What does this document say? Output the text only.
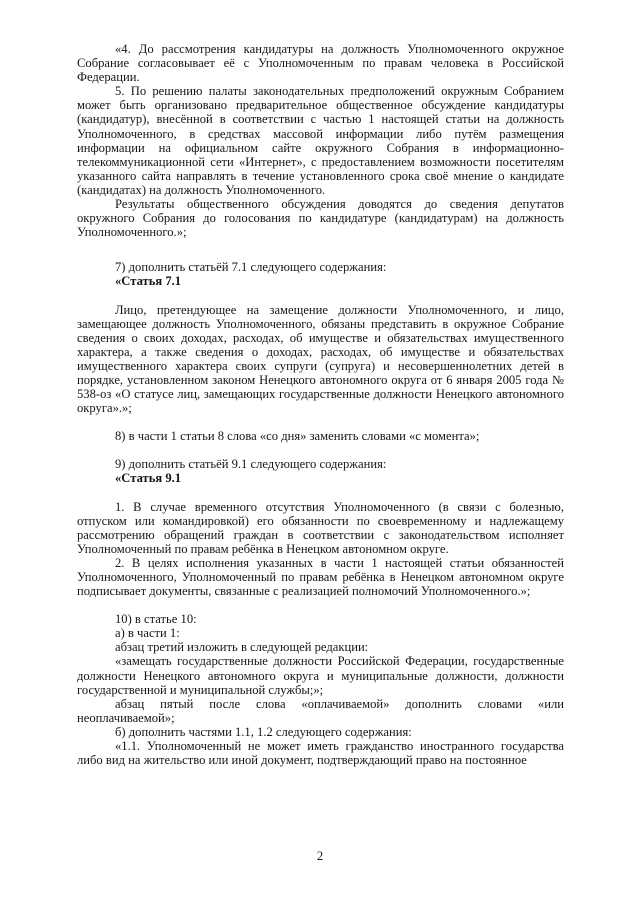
«4. До рассмотрения кандидатуры на должность Уполномоченного окружное Собрание согласовывает её с Уполномоченным по правам человека в Российской Федерации.

5. По решению палаты законодательных предположений окружным Собранием может быть организовано предварительное общественное обсуждение кандидатуры (кандидатур), внесённой в соответствии с частью 1 настоящей статьи на должность Уполномоченного, в средствах массовой информации либо путём размещения информации на официальном сайте окружного Собрания в информационно-телекоммуникационной сети «Интернет», с предоставлением возможности посетителям указанного сайта направлять в течение установленного срока своё мнение о кандидате (кандидатах) на должность Уполномоченного.

Результаты общественного обсуждения доводятся до сведения депутатов окружного Собрания до голосования по кандидатуре (кандидатурам) на должность Уполномоченного.»;

7) дополнить статьёй 7.1 следующего содержания:

«Статья 7.1

Лицо, претендующее на замещение должности Уполномоченного, и лицо, замещающее должность Уполномоченного, обязаны представить в окружное Собрание сведения о своих доходах, расходах, об имуществе и обязательствах имущественного характера, а также сведения о доходах, расходах, об имуществе и обязательствах имущественного характера своих супруги (супруга) и несовершеннолетних детей в порядке, установленном законом Ненецкого автономного округа от 6 января 2005 года № 538-оз «О статусе лиц, замещающих государственные должности Ненецкого автономного округа».»;

8) в части 1 статьи 8 слова «со дня» заменить словами «с момента»;

9) дополнить статьёй 9.1 следующего содержания:

«Статья 9.1

1. В случае временного отсутствия Уполномоченного (в связи с болезнью, отпуском или командировкой) его обязанности по своевременному и надлежащему рассмотрению обращений граждан в соответствии с законодательством исполняет Уполномоченный по правам ребёнка в Ненецком автономном округе.

2. В целях исполнения указанных в части 1 настоящей статьи обязанностей Уполномоченного, Уполномоченный по правам ребёнка в Ненецком автономном округе подписывает документы, связанные с реализацией полномочий Уполномоченного.»;

10) в статье 10:

а) в части 1:

абзац третий изложить в следующей редакции:

«замещать государственные должности Российской Федерации, государственные должности Ненецкого автономного округа и муниципальные должности, должности государственной и муниципальной службы;»;

абзац пятый после слова «оплачиваемой» дополнить словами «или неоплачиваемой»;

б) дополнить частями 1.1, 1.2 следующего содержания:

«1.1. Уполномоченный не может иметь гражданство иностранного государства либо вид на жительство или иной документ, подтверждающий право на постоянное

2
